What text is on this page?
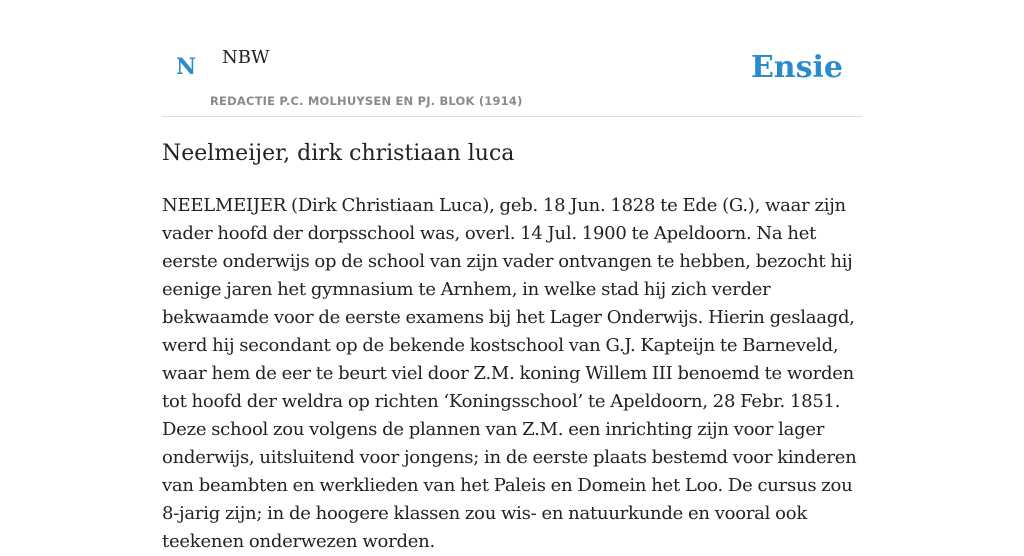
N NBW
REDACTIE P.C. MOLHUYSEN EN PJ. BLOK (1914)
Ensie
Neelmeijer, dirk christiaan luca

NEELMEIJER (Dirk Christiaan Luca), geb. 18 Jun. 1828 te Ede (G.), waar zijn vader hoofd der dorpsschool was, overl. 14 Jul. 1900 te Apeldoorn. Na het eerste onderwijs op de school van zijn vader ontvangen te hebben, bezocht hij eenige jaren het gymnasium te Arnhem, in welke stad hij zich verder bekwaamde voor de eerste examens bij het Lager Onderwijs. Hierin geslaagd, werd hij secondant op de bekende kostschool van G.J. Kapteijn te Barneveld, waar hem de eer te beurt viel door Z.M. koning Willem III benoemd te worden tot hoofd der weldra op richten ‘Koningsschool’ te Apeldoorn, 28 Febr. 1851. Deze school zou volgens de plannen van Z.M. een inrichting zijn voor lager onderwijs, uitsluitend voor jongens; in de eerste plaats bestemd voor kinderen van beambten en werklieden van het Paleis en Domein het Loo. De cursus zou 8-jarig zijn; in de hoogere klassen zou wis- en natuurkunde en vooral ook teekenen onderwezen worden.
